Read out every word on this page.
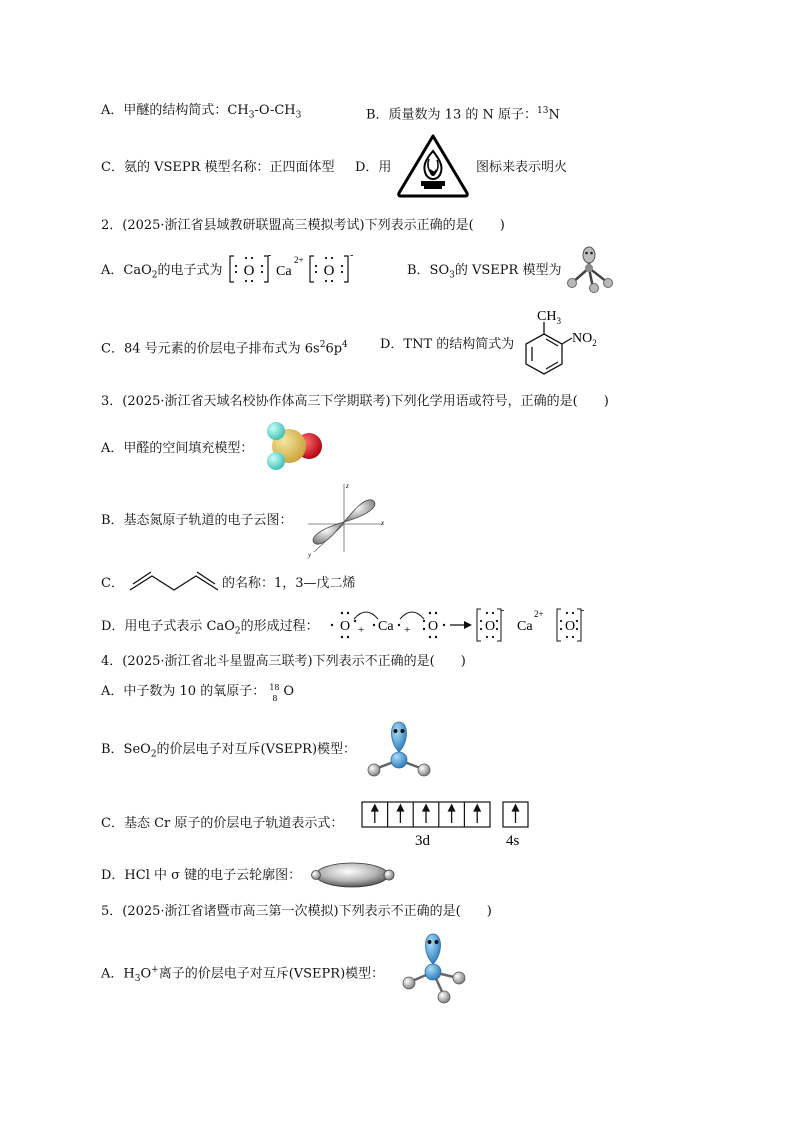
A．甲醚的结构简式：$CH_3-O-CH_3$	B．质量数为 13 的 N 原子：$^{13}$N
C．氨的 VSEPR 模型名称：正四面体型 D．用	图标来表示明火
2．(2025·浙江省县域教研联盟高三模拟考试)下列表示正确的是(　　)
A．CaO$_2$的电子式为 O	O
Ca
-	-
2+
B．$SO_3$的 VSEPR 模型为
C．84 号元素的价层电子排布式为 $6s^26p^4$ D．TNT 的结构简式为
$CH_3$
$NO_2$
3．(2025·浙江省天域名校协作体高三下学期联考)下列化学用语或符号，正确的是(　　)
A．甲醛的空间填充模型：
B．基态氮原子轨道的电子云图：
z
x
y
C．	的名称：1，3—戊二烯
D．用电子式表示 CaO$_2$的形成过程： O + Ca + O	O Ca O
-	-
2+
4．(2025·浙江省北斗星盟高三联考)下列表示不正确的是(　　)
A．中子数为 10 的氧原子： 18
8 O
B．SeO$_2$的价层电子对互斥(VSEPR)模型：
C．基态 Cr 原子的价层电子轨道表示式：
3d	4s
D．HCl 中 σ 键的电子云轮廓图：
5．(2025·浙江省诸暨市高三第一次模拟)下列表示不正确的是(　　)
A．$H_3O^+$离子的价层电子对互斥(VSEPR)模型：
